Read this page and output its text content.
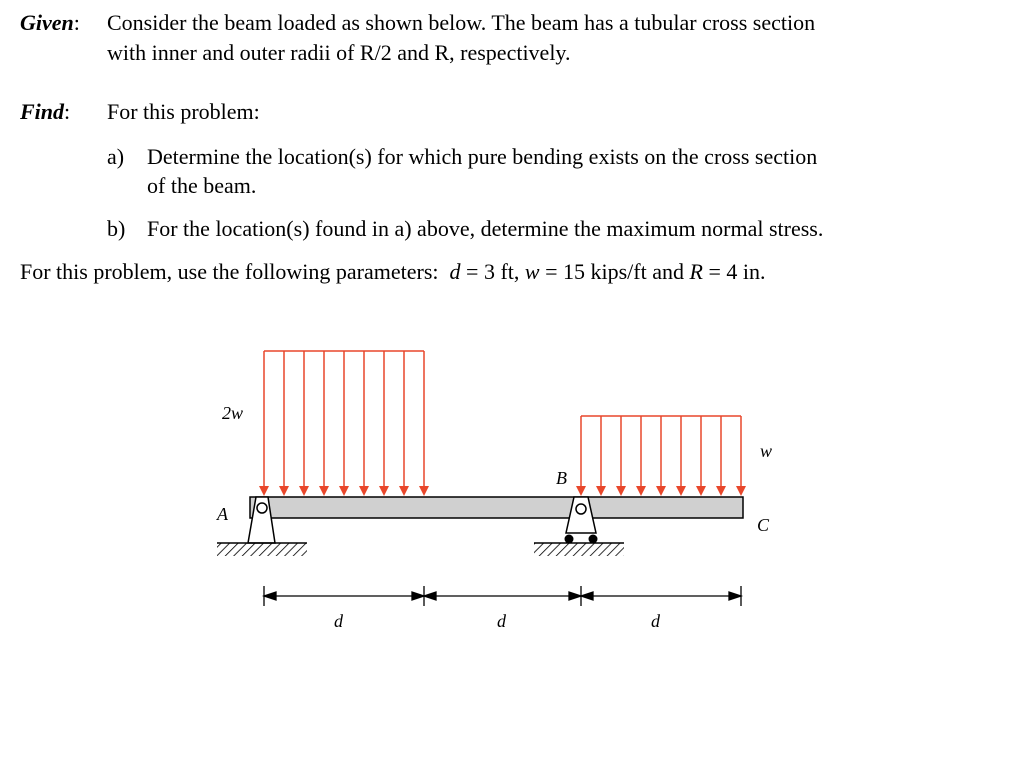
Given: Consider the beam loaded as shown below. The beam has a tubular cross section
with inner and outer radii of R/2 and R, respectively.
Find: For this problem:
a) Determine the location(s) for which pure bending exists on the cross section
of the beam.
b) For the location(s) found in a) above, determine the maximum normal stress.
For this problem, use the following parameters: d = 3 ft, w = 15 kips/ft and R = 4 in.
2w
w
A
B
C
d	d	d
